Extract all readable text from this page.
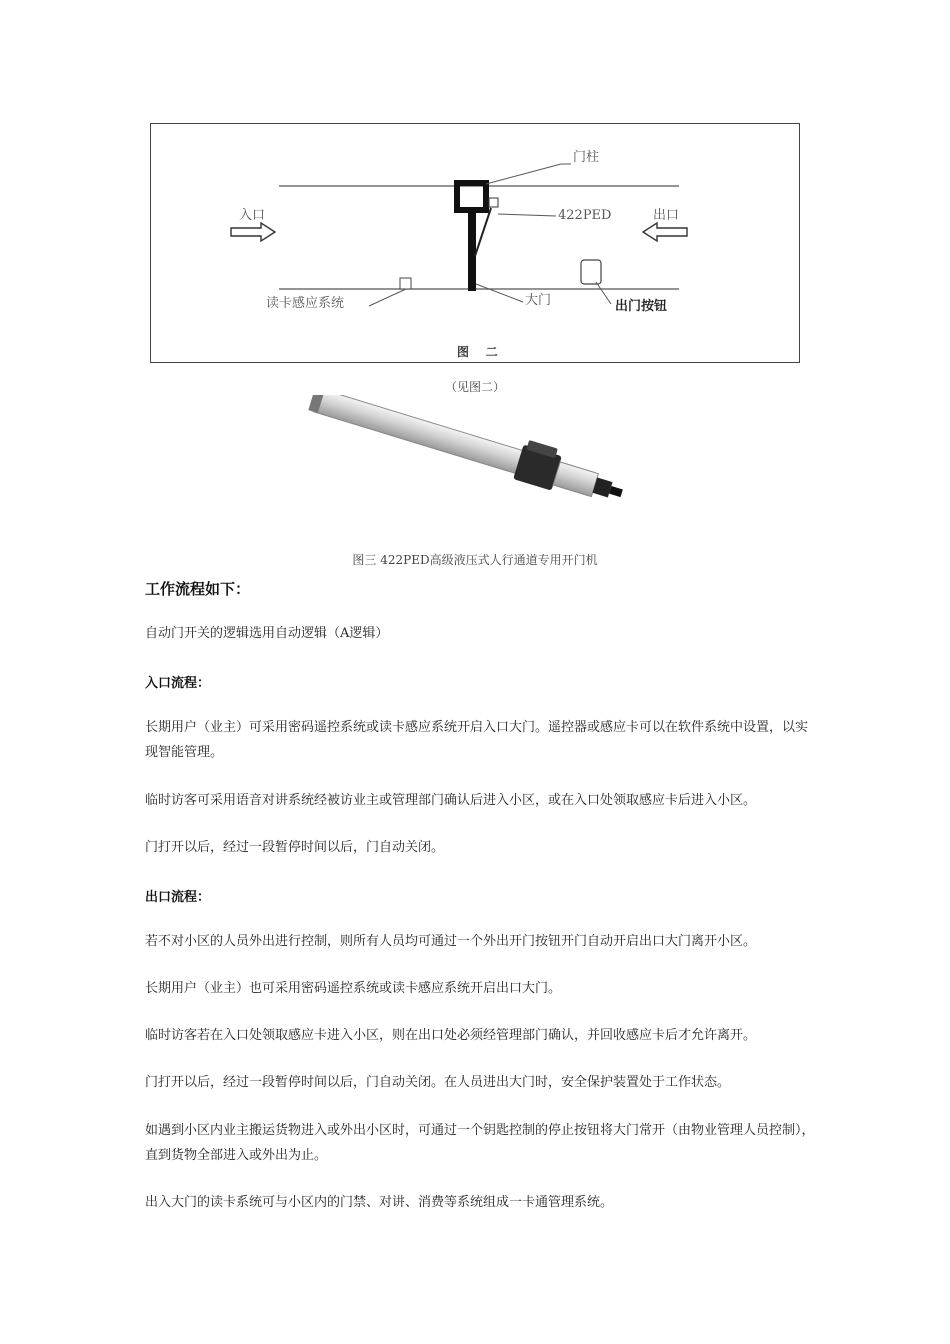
门柱
422PED
入口	出口
读卡感应系统	大门	出门按钮
图    二
（见图二）
图三 422PED高级液压式人行通道专用开门机
工作流程如下：
自动门开关的逻辑选用自动逻辑（A逻辑）
入口流程：
长期用户（业主）可采用密码遥控系统或读卡感应系统开启入口大门。遥控器或感应卡可以在软件系统中设置，以实现智能管理。
临时访客可采用语音对讲系统经被访业主或管理部门确认后进入小区，或在入口处领取感应卡后进入小区。
门打开以后，经过一段暂停时间以后，门自动关闭。
出口流程：
若不对小区的人员外出进行控制，则所有人员均可通过一个外出开门按钮开门自动开启出口大门离开小区。
长期用户（业主）也可采用密码遥控系统或读卡感应系统开启出口大门。
临时访客若在入口处领取感应卡进入小区，则在出口处必须经管理部门确认，并回收感应卡后才允许离开。
门打开以后，经过一段暂停时间以后，门自动关闭。在人员进出大门时，安全保护装置处于工作状态。
如遇到小区内业主搬运货物进入或外出小区时，可通过一个钥匙控制的停止按钮将大门常开（由物业管理人员控制），直到货物全部进入或外出为止。
出入大门的读卡系统可与小区内的门禁、对讲、消费等系统组成一卡通管理系统。
